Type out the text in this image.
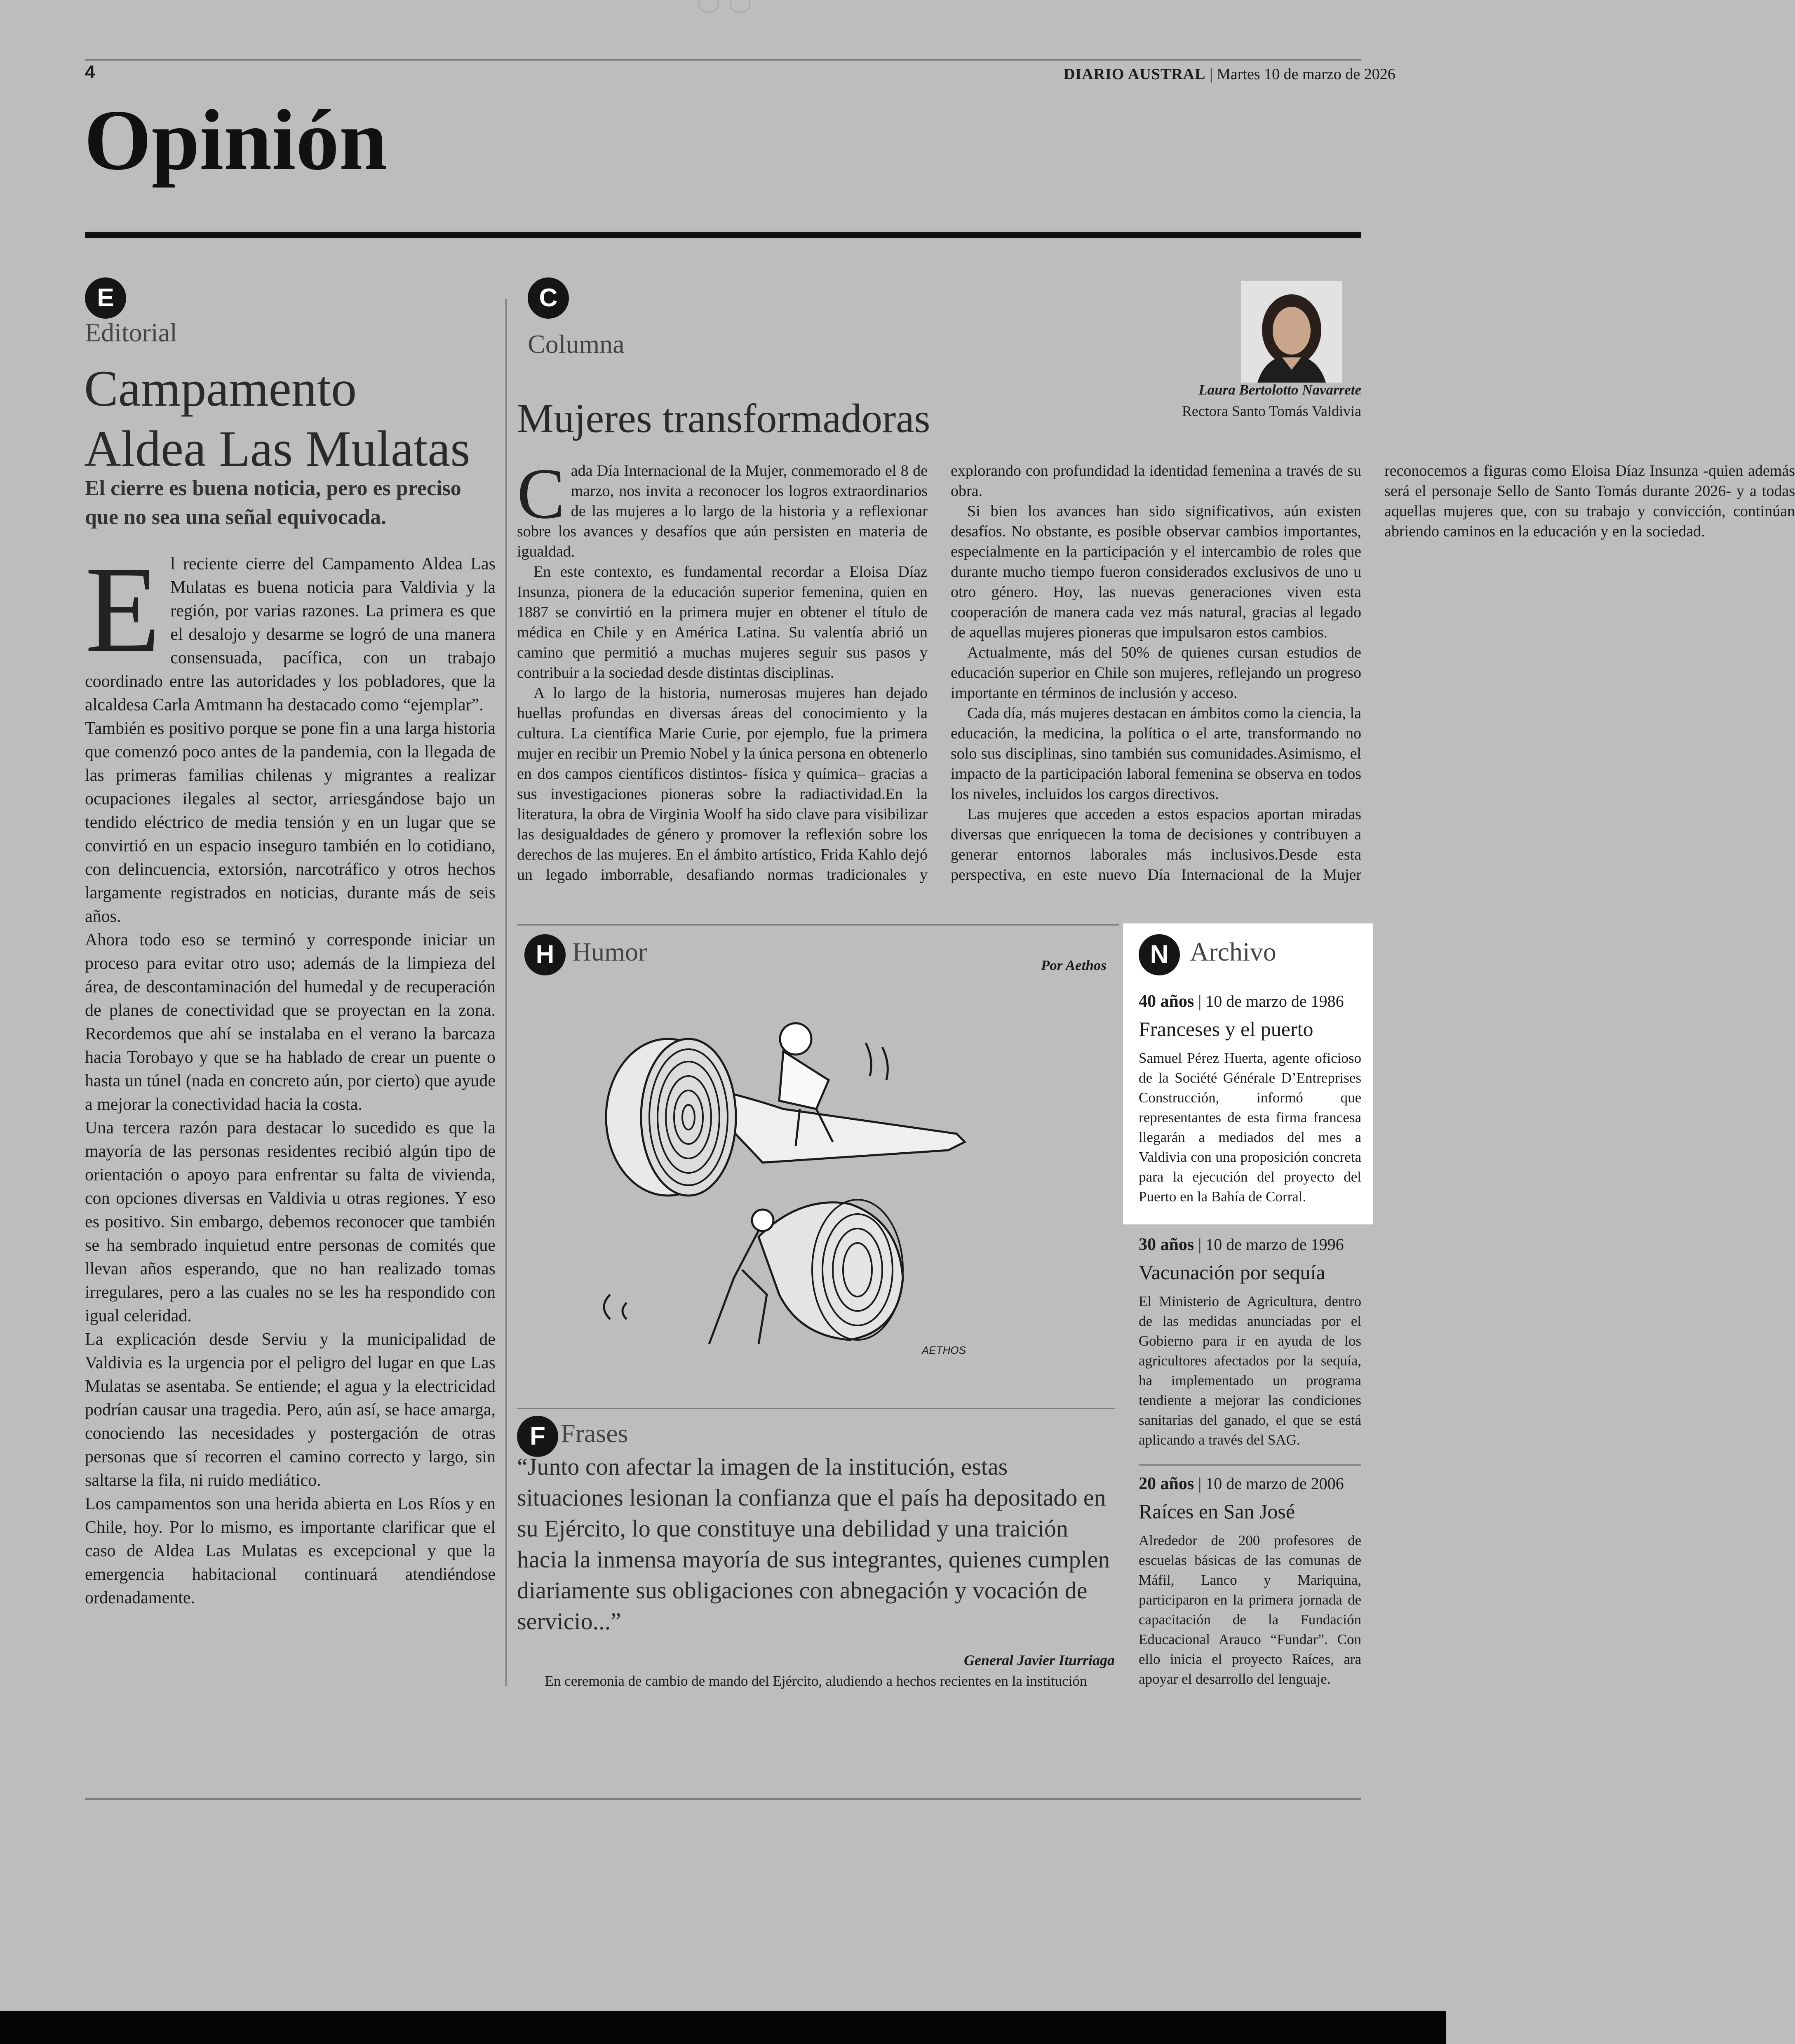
4	DIARIO AUSTRAL | Martes 10 de marzo de 2026
Opinión
E
Editorial
Campamento
Aldea Las Mulatas
El cierre es buena noticia, pero es preciso que no sea una señal equivocada.
E l reciente cierre del Campamento Aldea Las Mulatas es buena noticia para Valdivia y la región, por varias razones. La primera es que el desalojo y desarme se logró de una manera consensuada, pacífica, con un trabajo coordinado entre las autoridades y los pobladores, que la alcaldesa Carla Amtmann ha destacado como “ejemplar”.

También es positivo porque se pone fin a una larga historia que comenzó poco antes de la pandemia, con la llegada de las primeras familias chilenas y migrantes a realizar ocupaciones ilegales al sector, arriesgándose bajo un tendido eléctrico de media tensión y en un lugar que se convirtió en un espacio inseguro también en lo cotidiano, con delincuencia, extorsión, narcotráfico y otros hechos largamente registrados en noticias, durante más de seis años.

Ahora todo eso se terminó y corresponde iniciar un proceso para evitar otro uso; además de la limpieza del área, de descontaminación del humedal y de recuperación de planes de conectividad que se proyectan en la zona. Recordemos que ahí se instalaba en el verano la barcaza hacia Torobayo y que se ha hablado de crear un puente o hasta un túnel (nada en concreto aún, por cierto) que ayude a mejorar la conectividad hacia la costa.

Una tercera razón para destacar lo sucedido es que la mayoría de las personas residentes recibió algún tipo de orientación o apoyo para enfrentar su falta de vivienda, con opciones diversas en Valdivia u otras regiones. Y eso es positivo. Sin embargo, debemos reconocer que también se ha sembrado inquietud entre personas de comités que llevan años esperando, que no han realizado tomas irregulares, pero a las cuales no se les ha respondido con igual celeridad.

La explicación desde Serviu y la municipalidad de Valdivia es la urgencia por el peligro del lugar en que Las Mulatas se asentaba. Se entiende; el agua y la electricidad podrían causar una tragedia. Pero, aún así, se hace amarga, conociendo las necesidades y postergación de otras personas que sí recorren el camino correcto y largo, sin saltarse la fila, ni ruido mediático.

Los campamentos son una herida abierta en Los Ríos y en Chile, hoy. Por lo mismo, es importante clarificar que el caso de Aldea Las Mulatas es excepcional y que la emergencia habitacional continuará atendiéndose ordenadamente.

C
Columna
Mujeres transformadoras
Laura Bertolotto Navarrete
Rectora Santo Tomás Valdivia
C ada Día Internacional de la Mujer, conmemorado el 8 de marzo, nos invita a reconocer los logros extraordinarios de las mujeres a lo largo de la historia y a reflexionar sobre los avances y desafíos que aún persisten en materia de igualdad.

En este contexto, es fundamental recordar a Eloisa Díaz Insunza, pionera de la educación superior femenina, quien en 1887 se convirtió en la primera mujer en obtener el título de médica en Chile y en América Latina. Su valentía abrió un camino que permitió a muchas mujeres seguir sus pasos y contribuir a la sociedad desde distintas disciplinas.

A lo largo de la historia, numerosas mujeres han dejado huellas profundas en diversas áreas del conocimiento y la cultura. La científica Marie Curie, por ejemplo, fue la primera mujer en recibir un Premio Nobel y la única persona en obtenerlo en dos campos científicos distintos- física y química– gracias a sus investigaciones pioneras sobre la radiactividad.En la literatura, la obra de Virginia Woolf ha sido clave para visibilizar las desigualdades de género y promover la reflexión sobre los derechos de las mujeres. En el ámbito artístico, Frida Kahlo dejó un legado imborrable, desafiando normas tradicionales y explorando con profundidad la identidad femenina a través de su obra.

Si bien los avances han sido significativos, aún existen desafíos. No obstante, es posible observar cambios importantes, especialmente en la participación y el intercambio de roles que durante mucho tiempo fueron considerados exclusivos de uno u otro género. Hoy, las nuevas generaciones viven esta cooperación de manera cada vez más natural, gracias al legado de aquellas mujeres pioneras que impulsaron estos cambios.

Actualmente, más del 50% de quienes cursan estudios de educación superior en Chile son mujeres, reflejando un progreso importante en términos de inclusión y acceso.

Cada día, más mujeres destacan en ámbitos como la ciencia, la educación, la medicina, la política o el arte, transformando no solo sus disciplinas, sino también sus comunidades.Asimismo, el impacto de la participación laboral femenina se observa en todos los niveles, incluidos los cargos directivos.

Las mujeres que acceden a estos espacios aportan miradas diversas que enriquecen la toma de decisiones y contribuyen a generar entornos laborales más inclusivos.Desde esta perspectiva, en este nuevo Día Internacional de la Mujer reconocemos a figuras como Eloisa Díaz Insunza -quien además será el personaje Sello de Santo Tomás durante 2026- y a todas aquellas mujeres que, con su trabajo y convicción, continúan abriendo caminos en la educación y en la sociedad.

H Humor	Por Aethos
AETHOS
F Frases
“Junto con afectar la imagen de la institución, estas situaciones lesionan la confianza que el país ha depositado en su Ejército, lo que constituye una debilidad y una traición hacia la inmensa mayoría de sus integrantes, quienes cumplen diariamente sus obligaciones con abnegación y vocación de servicio...”
General Javier Iturriaga
En ceremonia de cambio de mando del Ejército, aludiendo a hechos recientes en la institución
N Archivo

40 años | 10 de marzo de 1986

Franceses y el puerto

Samuel Pérez Huerta, agente oficioso de la Société Générale D’Entreprises Construcción, informó que representantes de esta firma francesa llegarán a mediados del mes a Valdivia con una proposición concreta para la ejecución del proyecto del Puerto en la Bahía de Corral.

30 años | 10 de marzo de 1996

Vacunación por sequía

El Ministerio de Agricultura, dentro de las medidas anunciadas por el Gobierno para ir en ayuda de los agricultores afectados por la sequía, ha implementado un programa tendiente a mejorar las condiciones sanitarias del ganado, el que se está aplicando a través del SAG.

20 años | 10 de marzo de 2006

Raíces en San José

Alrededor de 200 profesores de escuelas básicas de las comunas de Máfil, Lanco y Mariquina, participaron en la primera jornada de capacitación de la Fundación Educacional Arauco “Fundar”. Con ello inicia el proyecto Raíces, ara apoyar el desarrollo del lenguaje.
